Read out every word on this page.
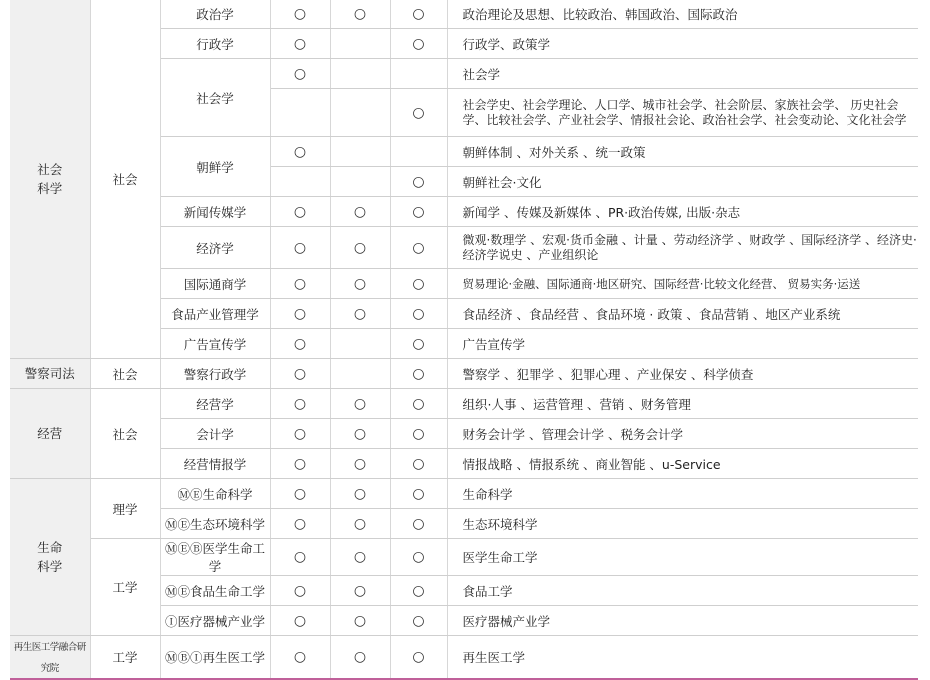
社会
科学	社会	政治学	○	○	○	政治理论及思想、比较政治、韩国政治、国际政治
		行政学	○		○	行政学、政策学
		社会学	○			社会学
					○	社会学史、社会学理论、人口学、城市社会学、社会阶层、家族社会学、 历史社会学、比较社会学、产业社会学、情报社会论、政治社会学、社会变动论、文化社会学
		朝鲜学	○			朝鲜体制 、对外关系 、统一政策
					○	朝鲜社会·文化
		新闻传媒学	○	○	○	新闻学 、传媒及新媒体 、PR·政治传媒, 出版·杂志
		经济学	○	○	○	微观·数理学 、宏观·货币金融 、计量 、劳动经济学 、财政学 、国际经济学 、经济史·经济学说史 、产业组织论
		国际通商学	○	○	○	贸易理论·金融、国际通商·地区研究、国际经营·比较文化经营、 贸易实务·运送
		食品产业管理学	○	○	○	食品经济 、食品经营 、食品环境 · 政策 、食品营销 、地区产业系统
		广告宣传学	○		○	广告宣传学
警察司法	社会	警察行政学	○		○	警察学 、犯罪学 、犯罪心理 、产业保安 、科学侦查
经营	社会	经营学	○	○	○	组织·人事 、运营管理 、营销 、财务管理
		会计学	○	○	○	财务会计学 、管理会计学 、税务会计学
		经营情报学	○	○	○	情报战略 、情报系统 、商业智能 、u-Service
生命
科学	理学	ⓂⒺ生命科学	○	○	○	生命科学
		ⓂⒺ生态环境科学	○	○	○	生态环境科学
	工学	ⓂⒺⒷ医学生命工学	○	○	○	医学生命工学
		ⓂⒺ食品生命工学	○	○	○	食品工学
		Ⓘ医疗器械产业学	○	○	○	医疗器械产业学
再生医工学融合研究院	工学	ⓂⒷⒾ再生医工学	○	○	○	再生医工学
